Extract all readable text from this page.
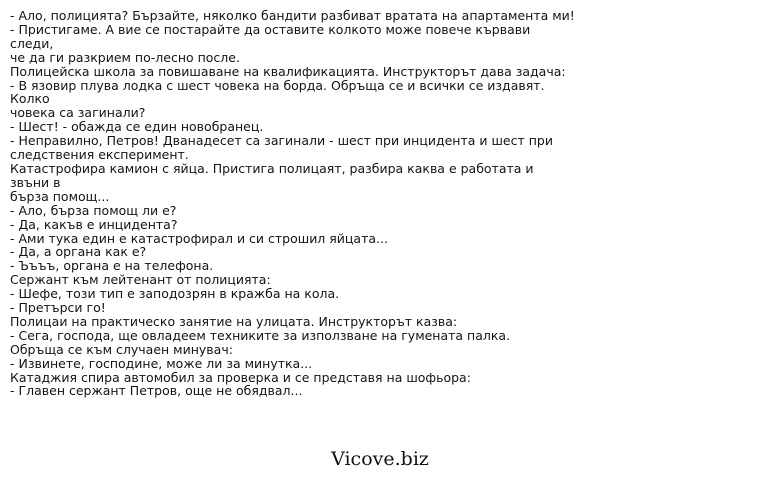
- Ало, полицията? Бързайте, няколко бандити разбиват вратата на апартамента ми!
- Пристигаме. А вие се постарайте да оставите колкото може повече кървави следи,
че да ги разкрием по-лесно после.
Полицейска школа за повишаване на квалификацията. Инструкторът дава задача:
- В язовир плува лодка с шест човека на борда. Обръща се и всички се издавят. Колко
човека са загинали?
- Шест! - обажда се един новобранец.
- Неправилно, Петров! Дванадесет са загинали - шест при инцидента и шест при
следствения експеримент.
Катастрофира камион с яйца. Пристига полицаят, разбира каква е работата и звъни в
бърза помощ...
- Ало, бърза помощ ли е?
- Да, какъв е инцидента?
- Ами тука един е катастрофирал и си строшил яйцата...
- Да, а органа как е?
- Ъъъъ, органа е на телефона.
Сержант към лейтенант от полицията:
- Шефе, този тип е заподозрян в кражба на кола.
- Претърси го!
Полицаи на практическо занятие на улицата. Инструкторът казва:
- Сега, господа, ще овладеем техниките за използване на гумената палка.
Обръща се към случаен минувач:
- Извинете, господине, може ли за минутка...
Катаджия спира автомобил за проверка и се представя на шофьора:
- Главен сержант Петров, още не обядвал...
Vicove.biz
